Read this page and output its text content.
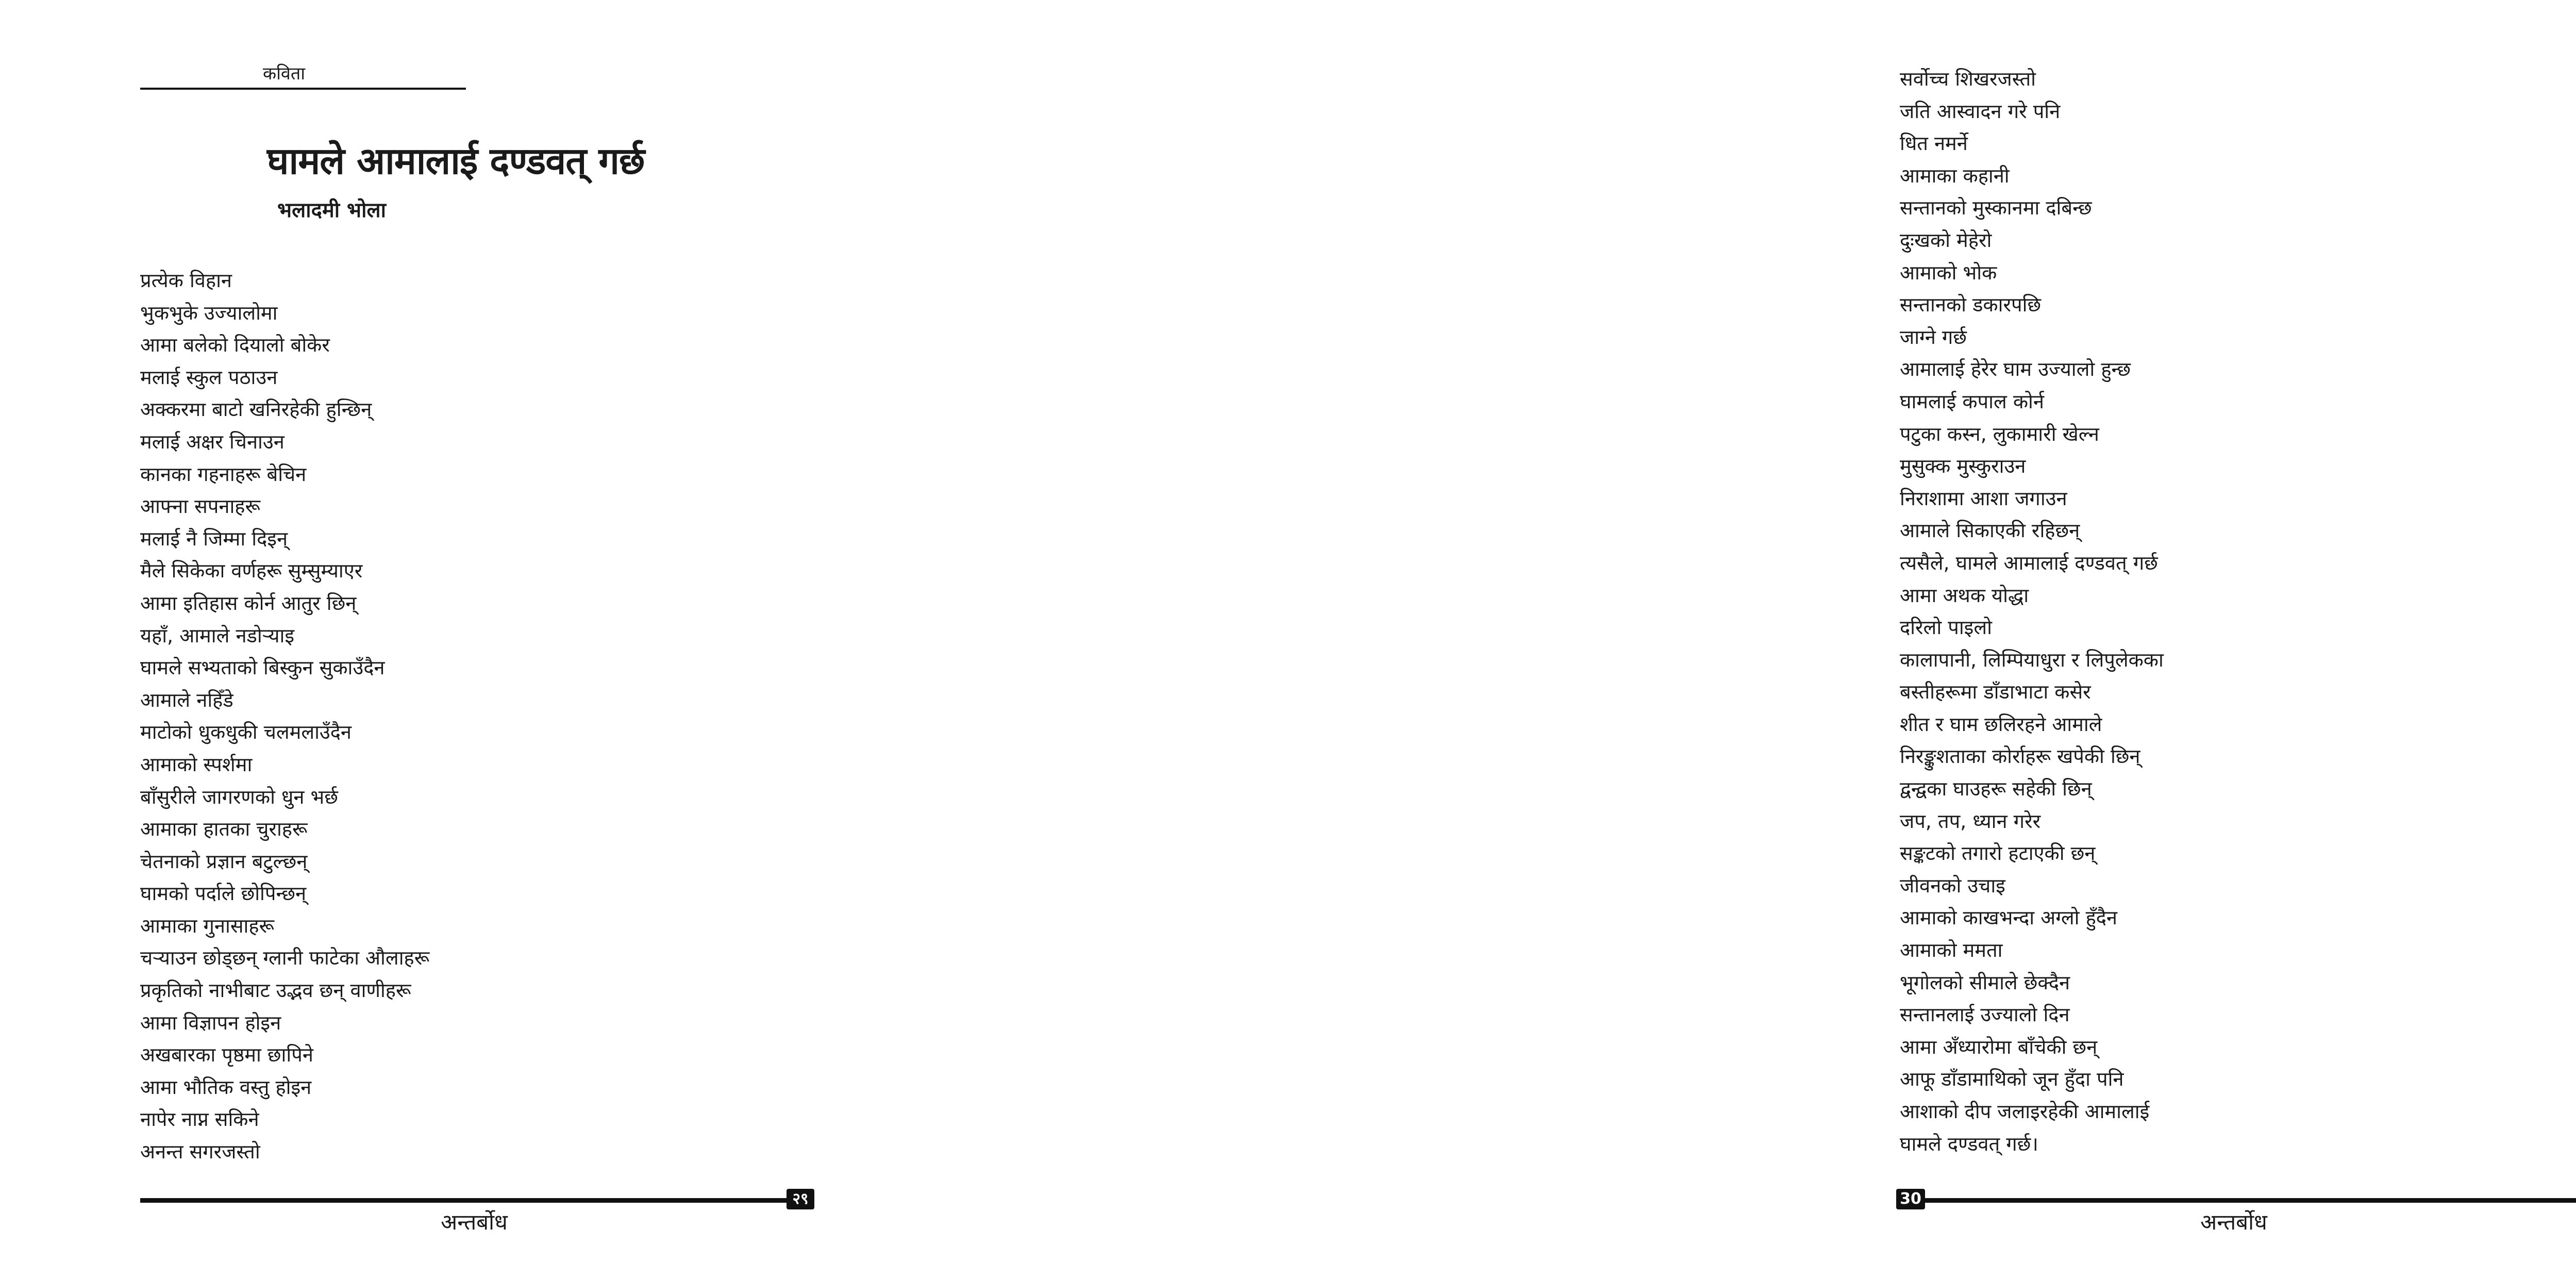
कविता
घामले आमालाई दण्डवत् गर्छ
भलादमी भोला
प्रत्येक विहान
भुकभुके उज्यालोमा
आमा बलेको दियालो बोकेर
मलाई स्कुल पठाउन
अक्करमा बाटो खनिरहेकी हुन्छिन्
मलाई अक्षर चिनाउन
कानका गहनाहरू बेचिन
आफ्ना सपनाहरू
मलाई नै जिम्मा दिइन्
मैले सिकेका वर्णहरू सुम्सुम्याएर
आमा इतिहास कोर्न आतुर छिन्
यहाँ, आमाले नडोऱ्याइ
घामले सभ्यताको बिस्कुन सुकाउँदैन
आमाले नहिँडे
माटोको धुकधुकी चलमलाउँदैन
आमाको स्पर्शमा
बाँसुरीले जागरणको धुन भर्छ
आमाका हातका चुराहरू
चेतनाको प्रज्ञान बटुल्छन्
घामको पर्दाले छोपिन्छन्
आमाका गुनासाहरू
चऱ्याउन छोड्छन् ग्लानी फाटेका औलाहरू
प्रकृतिको नाभीबाट उद्भव छन् वाणीहरू
आमा विज्ञापन होइन
अखबारका पृष्ठमा छापिने
आमा भौतिक वस्तु होइन
नापेर नाप्न सकिने
अनन्त सगरजस्तो
२९
अन्तर्बोध
सर्वोच्च शिखरजस्तो
जति आस्वादन गरे पनि
धित नमर्ने
आमाका कहानी
सन्तानको मुस्कानमा दबिन्छ
दुःखको मेहेरो
आमाको भोक
सन्तानको डकारपछि
जाग्ने गर्छ
आमालाई हेरेर घाम उज्यालो हुन्छ
घामलाई कपाल कोर्न
पटुका कस्न, लुकामारी खेल्न
मुसुक्क मुस्कुराउन
निराशामा आशा जगाउन
आमाले सिकाएकी रहिछन्
त्यसैले, घामले आमालाई दण्डवत् गर्छ
आमा अथक योद्धा
दरिलो पाइलो
कालापानी, लिम्पियाधुरा र लिपुलेकका
बस्तीहरूमा डाँडाभाटा कसेर
शीत र घाम छलिरहने आमाले
निरङ्कुशताका कोर्राहरू खपेकी छिन्
द्वन्द्वका घाउहरू सहेकी छिन्
जप, तप, ध्यान गरेर
सङ्कटको तगारो हटाएकी छन्
जीवनको उचाइ
आमाको काखभन्दा अग्लो हुँदैन
आमाको ममता
भूगोलको सीमाले छेक्दैन
सन्तानलाई उज्यालो दिन
आमा अँध्यारोमा बाँचेकी छन्
आफू डाँडामाथिको जून हुँदा पनि
आशाको दीप जलाइरहेकी आमालाई
घामले दण्डवत् गर्छ।
30
अन्तर्बोध
